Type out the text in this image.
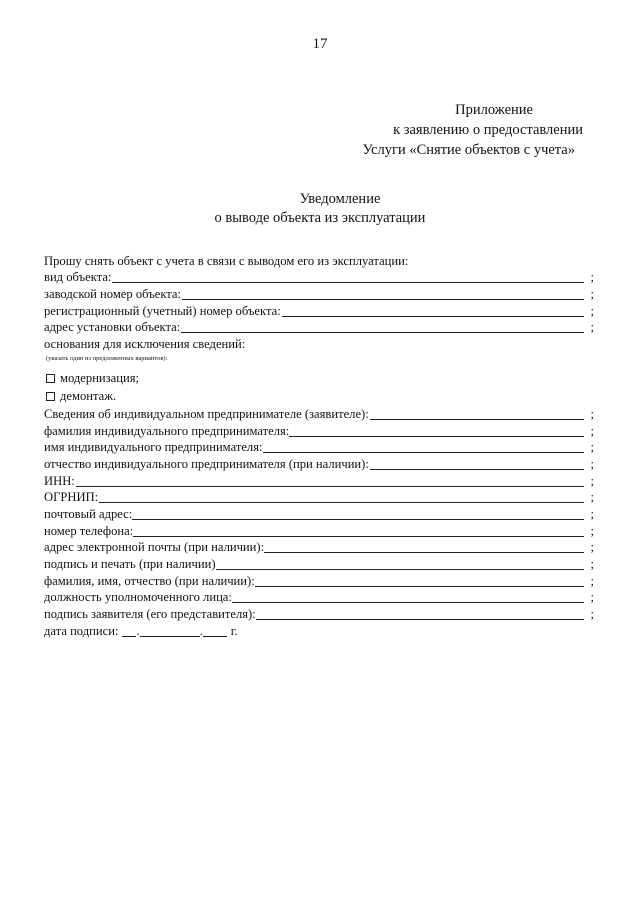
17
Приложение
к заявлению о предоставлении
Услуги «Снятие объектов с учета»
Уведомление
о выводе объекта из эксплуатации
Прошу снять объект с учета в связи с выводом его из эксплуатации:
вид объекта:	;
заводской номер объекта:	;
регистрационный (учетный) номер объекта:	;
адрес установки объекта:	;
основания для исключения сведений:
(указать один из предложенных вариантов):
модернизация;
демонтаж.
Сведения об индивидуальном предпринимателе (заявителе):	;
фамилия индивидуального предпринимателя:	;
имя индивидуального предпринимателя:	;
отчество индивидуального предпринимателя (при наличии):	;
ИНН:	;
ОГРНИП:	;
почтовый адрес:	;
номер телефона:	;
адрес электронной почты (при наличии):	;
подпись и печать (при наличии)	;
фамилия, имя, отчество (при наличии):	;
должность уполномоченного лица:	;
подпись заявителя (его представителя):	;
дата подписи: .	. г.
